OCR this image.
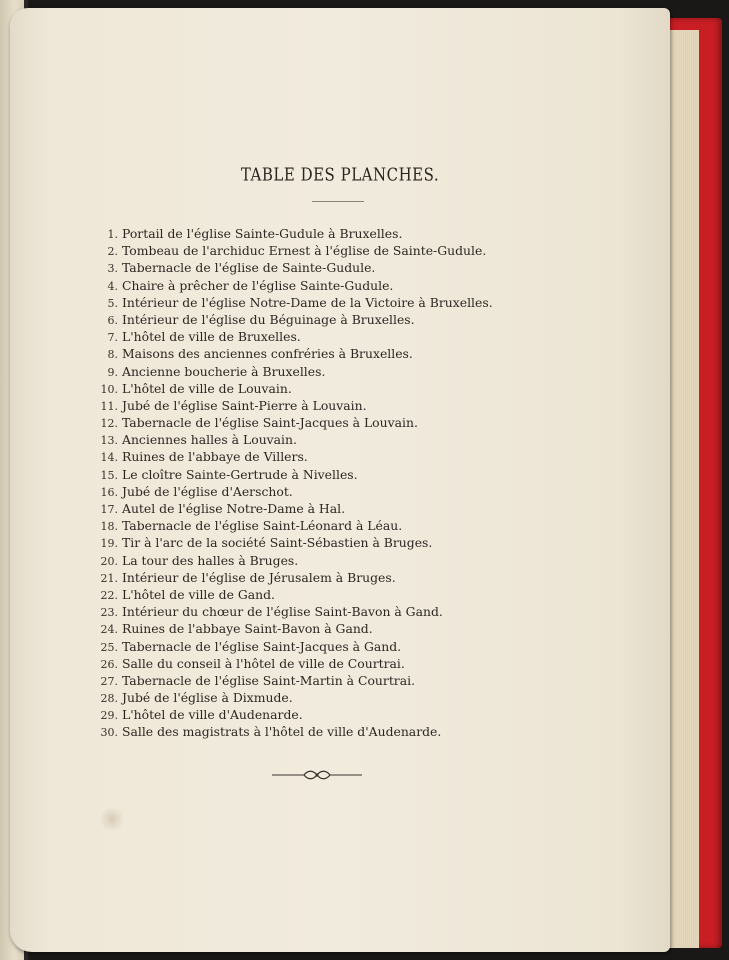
TABLE DES PLANCHES.
1. Portail de l'église Sainte-Gudule à Bruxelles.
2. Tombeau de l'archiduc Ernest à l'église de Sainte-Gudule.
3. Tabernacle de l'église de Sainte-Gudule.
4. Chaire à prêcher de l'église Sainte-Gudule.
5. Intérieur de l'église Notre-Dame de la Victoire à Bruxelles.
6. Intérieur de l'église du Béguinage à Bruxelles.
7. L'hôtel de ville de Bruxelles.
8. Maisons des anciennes confréries à Bruxelles.
9. Ancienne boucherie à Bruxelles.
10. L'hôtel de ville de Louvain.
11. Jubé de l'église Saint-Pierre à Louvain.
12. Tabernacle de l'église Saint-Jacques à Louvain.
13. Anciennes halles à Louvain.
14. Ruines de l'abbaye de Villers.
15. Le cloître Sainte-Gertrude à Nivelles.
16. Jubé de l'église d'Aerschot.
17. Autel de l'église Notre-Dame à Hal.
18. Tabernacle de l'église Saint-Léonard à Léau.
19. Tir à l'arc de la société Saint-Sébastien à Bruges.
20. La tour des halles à Bruges.
21. Intérieur de l'église de Jérusalem à Bruges.
22. L'hôtel de ville de Gand.
23. Intérieur du chœur de l'église Saint-Bavon à Gand.
24. Ruines de l'abbaye Saint-Bavon à Gand.
25. Tabernacle de l'église Saint-Jacques à Gand.
26. Salle du conseil à l'hôtel de ville de Courtrai.
27. Tabernacle de l'église Saint-Martin à Courtrai.
28. Jubé de l'église à Dixmude.
29. L'hôtel de ville d'Audenarde.
30. Salle des magistrats à l'hôtel de ville d'Audenarde.
